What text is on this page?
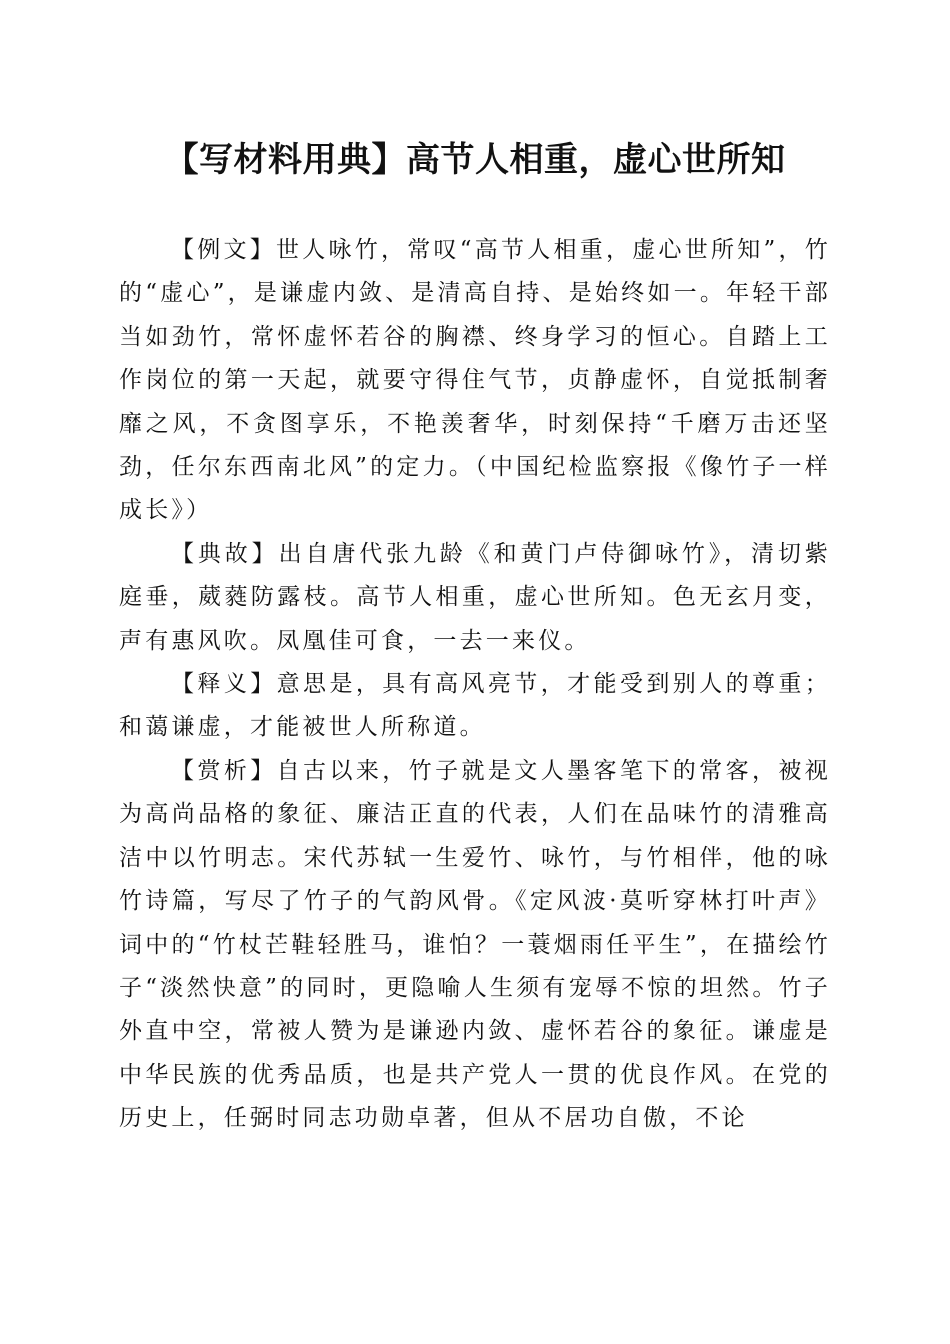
【写材料用典】高节人相重，虚心世所知

【例文】世人咏竹，常叹“高节人相重，虚心世所知”，竹的“虚心”，是谦虚内敛、是清高自持、是始终如一。年轻干部当如劲竹，常怀虚怀若谷的胸襟、终身学习的恒心。自踏上工作岗位的第一天起，就要守得住气节，贞静虚怀，自觉抵制奢靡之风，不贪图享乐，不艳羡奢华，时刻保持“千磨万击还坚劲，任尔东西南北风”的定力。（中国纪检监察报《像竹子一样成长》）

【典故】出自唐代张九龄《和黄门卢侍御咏竹》，清切紫庭垂，葳蕤防露枝。高节人相重，虚心世所知。色无玄月变，声有惠风吹。凤凰佳可食，一去一来仪。

【释义】意思是，具有高风亮节，才能受到别人的尊重；和蔼谦虚，才能被世人所称道。

【赏析】自古以来，竹子就是文人墨客笔下的常客，被视为高尚品格的象征、廉洁正直的代表，人们在品味竹的清雅高洁中以竹明志。宋代苏轼一生爱竹、咏竹，与竹相伴，他的咏竹诗篇，写尽了竹子的气韵风骨。《定风波·莫听穿林打叶声》词中的“竹杖芒鞋轻胜马，谁怕？一蓑烟雨任平生”，在描绘竹子“淡然快意”的同时，更隐喻人生须有宠辱不惊的坦然。竹子外直中空，常被人赞为是谦逊内敛、虚怀若谷的象征。谦虚是中华民族的优秀品质，也是共产党人一贯的优良作风。在党的历史上，任弼时同志功勋卓著，但从不居功自傲，不论
